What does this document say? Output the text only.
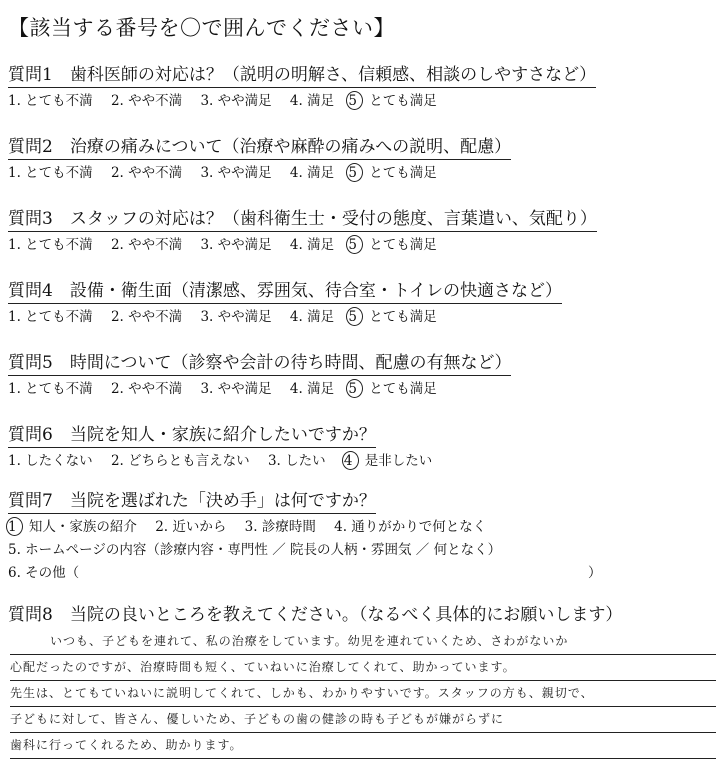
【該当する番号を〇で囲んでください】
質問1　歯科医師の対応は？（説明の明解さ、信頼感、相談のしやすさなど）
1. とても不満 2. やや不満 3. やや満足 4. 満足 5 とても満足
質問2　治療の痛みについて（治療や麻酔の痛みへの説明、配慮）
1. とても不満 2. やや不満 3. やや満足 4. 満足 5 とても満足
質問3　スタッフの対応は？（歯科衛生士・受付の態度、言葉遣い、気配り）
1. とても不満 2. やや不満 3. やや満足 4. 満足 5 とても満足
質問4　設備・衛生面（清潔感、雰囲気、待合室・トイレの快適さなど）
1. とても不満 2. やや不満 3. やや満足 4. 満足 5 とても満足
質問5　時間について（診察や会計の待ち時間、配慮の有無など）
1. とても不満 2. やや不満 3. やや満足 4. 満足 5 とても満足
質問6　当院を知人・家族に紹介したいですか？
1. したくない 2. どちらとも言えない 3. したい 4 是非したい
質問7　当院を選ばれた「決め手」は何ですか？
1 知人・家族の紹介 2. 近いから 3. 診療時間 4. 通りがかりで何となく
5. ホームページの内容（診療内容・専門性 ／ 院長の人柄・雰囲気 ／ 何となく）
6. その他（	）
質問8　当院の良いところを教えてください。（なるべく具体的にお願いします）
いつも、子どもを連れて、私の治療をしています。幼児を連れていくため、さわがないか
心配だったのですが、治療時間も短く、ていねいに治療してくれて、助かっています。
先生は、とてもていねいに説明してくれて、しかも、わかりやすいです。スタッフの方も、親切で、
子どもに対して、皆さん、優しいため、子どもの歯の健診の時も子どもが嫌がらずに
歯科に行ってくれるため、助かります。
